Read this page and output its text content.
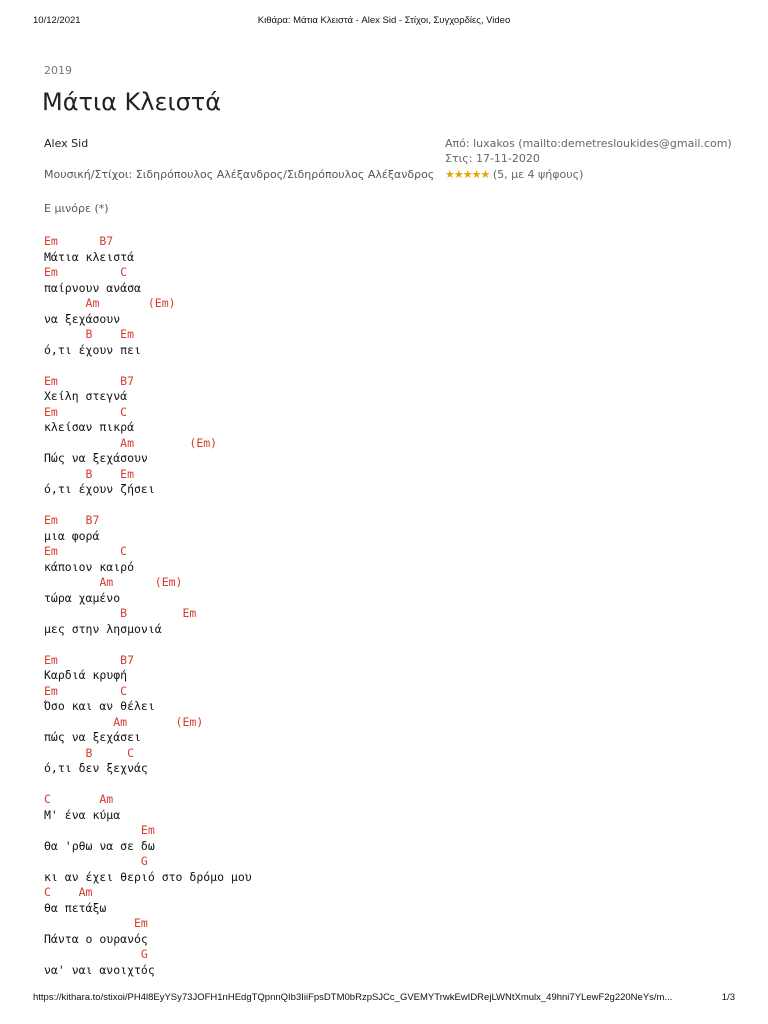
10/12/2021	Κιθάρα: Μάτια Κλειστά - Alex Sid - Στίχοι, Συγχορδίες, Video
2019
Μάτια Κλειστά
Alex Sid
Μουσική/Στίχοι: Σιδηρόπουλος Αλέξανδρος/Σιδηρόπουλος Αλέξανδρος
Από: luxakos (mailto:demetresloukides@gmail.com)
Στις: 17-11-2020
★★★★★ (5, με 4 ψήφους)
Ε μινόρε (*)
Em      B7
Μάτια κλειστά
Em         C
παίρνουν ανάσα
Am       (Em)
να ξεχάσουν
B    Em
ό,τι έχουν πει
Em         B7
Χείλη στεγνά
Em         C
κλείσαν πικρά
Am        (Em)
Πώς να ξεχάσουν
B    Em
ό,τι έχουν ζήσει
Em    B7
μια φορά
Em         C
κάποιον καιρό
Am      (Em)
τώρα χαμένο
B        Em
μες στην λησμονιά
Em         B7
Καρδιά κρυφή
Em         C
Όσο και αν θέλει
Am       (Em)
πώς να ξεχάσει
B     C
ό,τι δεν ξεχνάς
C       Am
Μ' ένα κύμα
Em
Θα 'ρθω να σε δω
G
κι αν έχει θεριό στο δρόμο μου
C    Am
θα πετάξω
Em
Πάντα ο ουρανός
G
να' ναι ανοιχτός
https://kithara.to/stixoi/PH4l8EyYSy73JOFH1nHEdgTQpnnQIb3IiiFpsDTM0bRzpSJCc_GVEMYTrwkEwIDRejLWNtXmulx_49hni7YLewF2g220NeYs/m...	1/3
